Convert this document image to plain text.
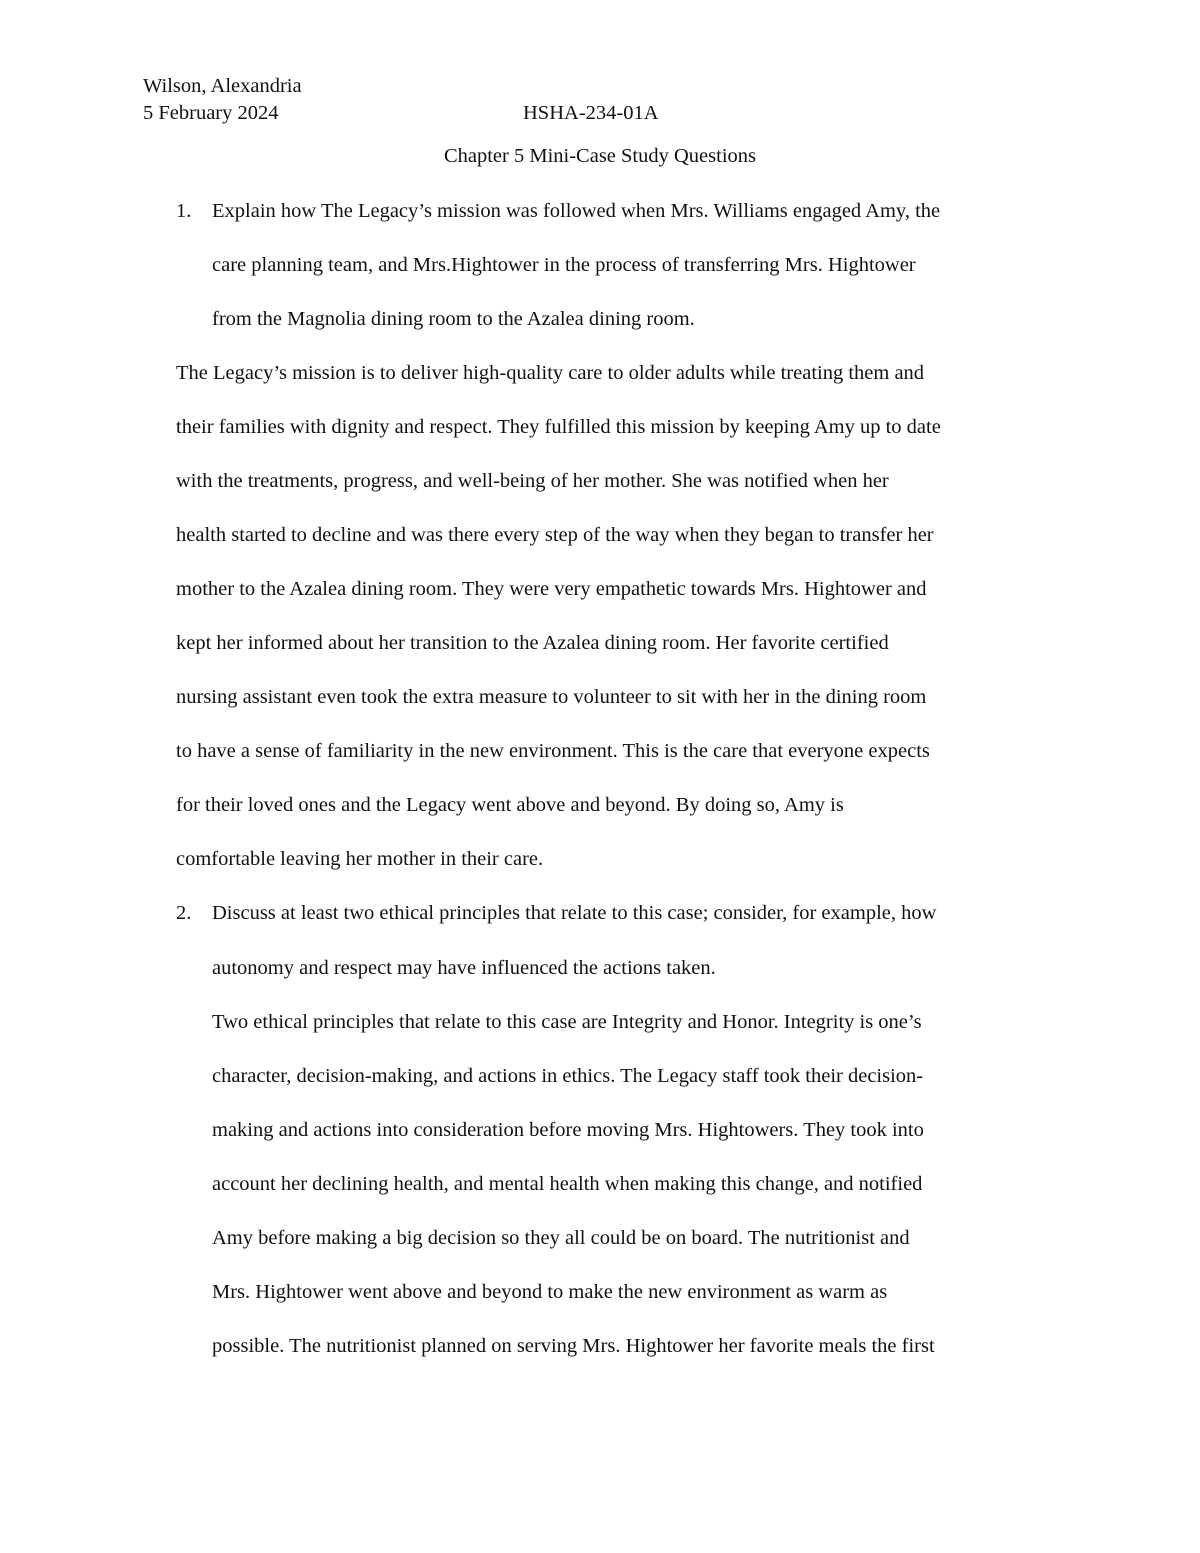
Wilson, Alexandria
5 February 2024	HSHA-234-01A
Chapter 5 Mini-Case Study Questions
1. Explain how The Legacy’s mission was followed when Mrs. Williams engaged Amy, the
care planning team, and Mrs.Hightower in the process of transferring Mrs. Hightower
from the Magnolia dining room to the Azalea dining room.
The Legacy’s mission is to deliver high-quality care to older adults while treating them and
their families with dignity and respect. They fulfilled this mission by keeping Amy up to date
with the treatments, progress, and well-being of her mother. She was notified when her
health started to decline and was there every step of the way when they began to transfer her
mother to the Azalea dining room. They were very empathetic towards Mrs. Hightower and
kept her informed about her transition to the Azalea dining room. Her favorite certified
nursing assistant even took the extra measure to volunteer to sit with her in the dining room
to have a sense of familiarity in the new environment. This is the care that everyone expects
for their loved ones and the Legacy went above and beyond. By doing so, Amy is
comfortable leaving her mother in their care.
2. Discuss at least two ethical principles that relate to this case; consider, for example, how
autonomy and respect may have influenced the actions taken.
Two ethical principles that relate to this case are Integrity and Honor. Integrity is one’s
character, decision-making, and actions in ethics. The Legacy staff took their decision-
making and actions into consideration before moving Mrs. Hightowers. They took into
account her declining health, and mental health when making this change, and notified
Amy before making a big decision so they all could be on board. The nutritionist and
Mrs. Hightower went above and beyond to make the new environment as warm as
possible. The nutritionist planned on serving Mrs. Hightower her favorite meals the first
